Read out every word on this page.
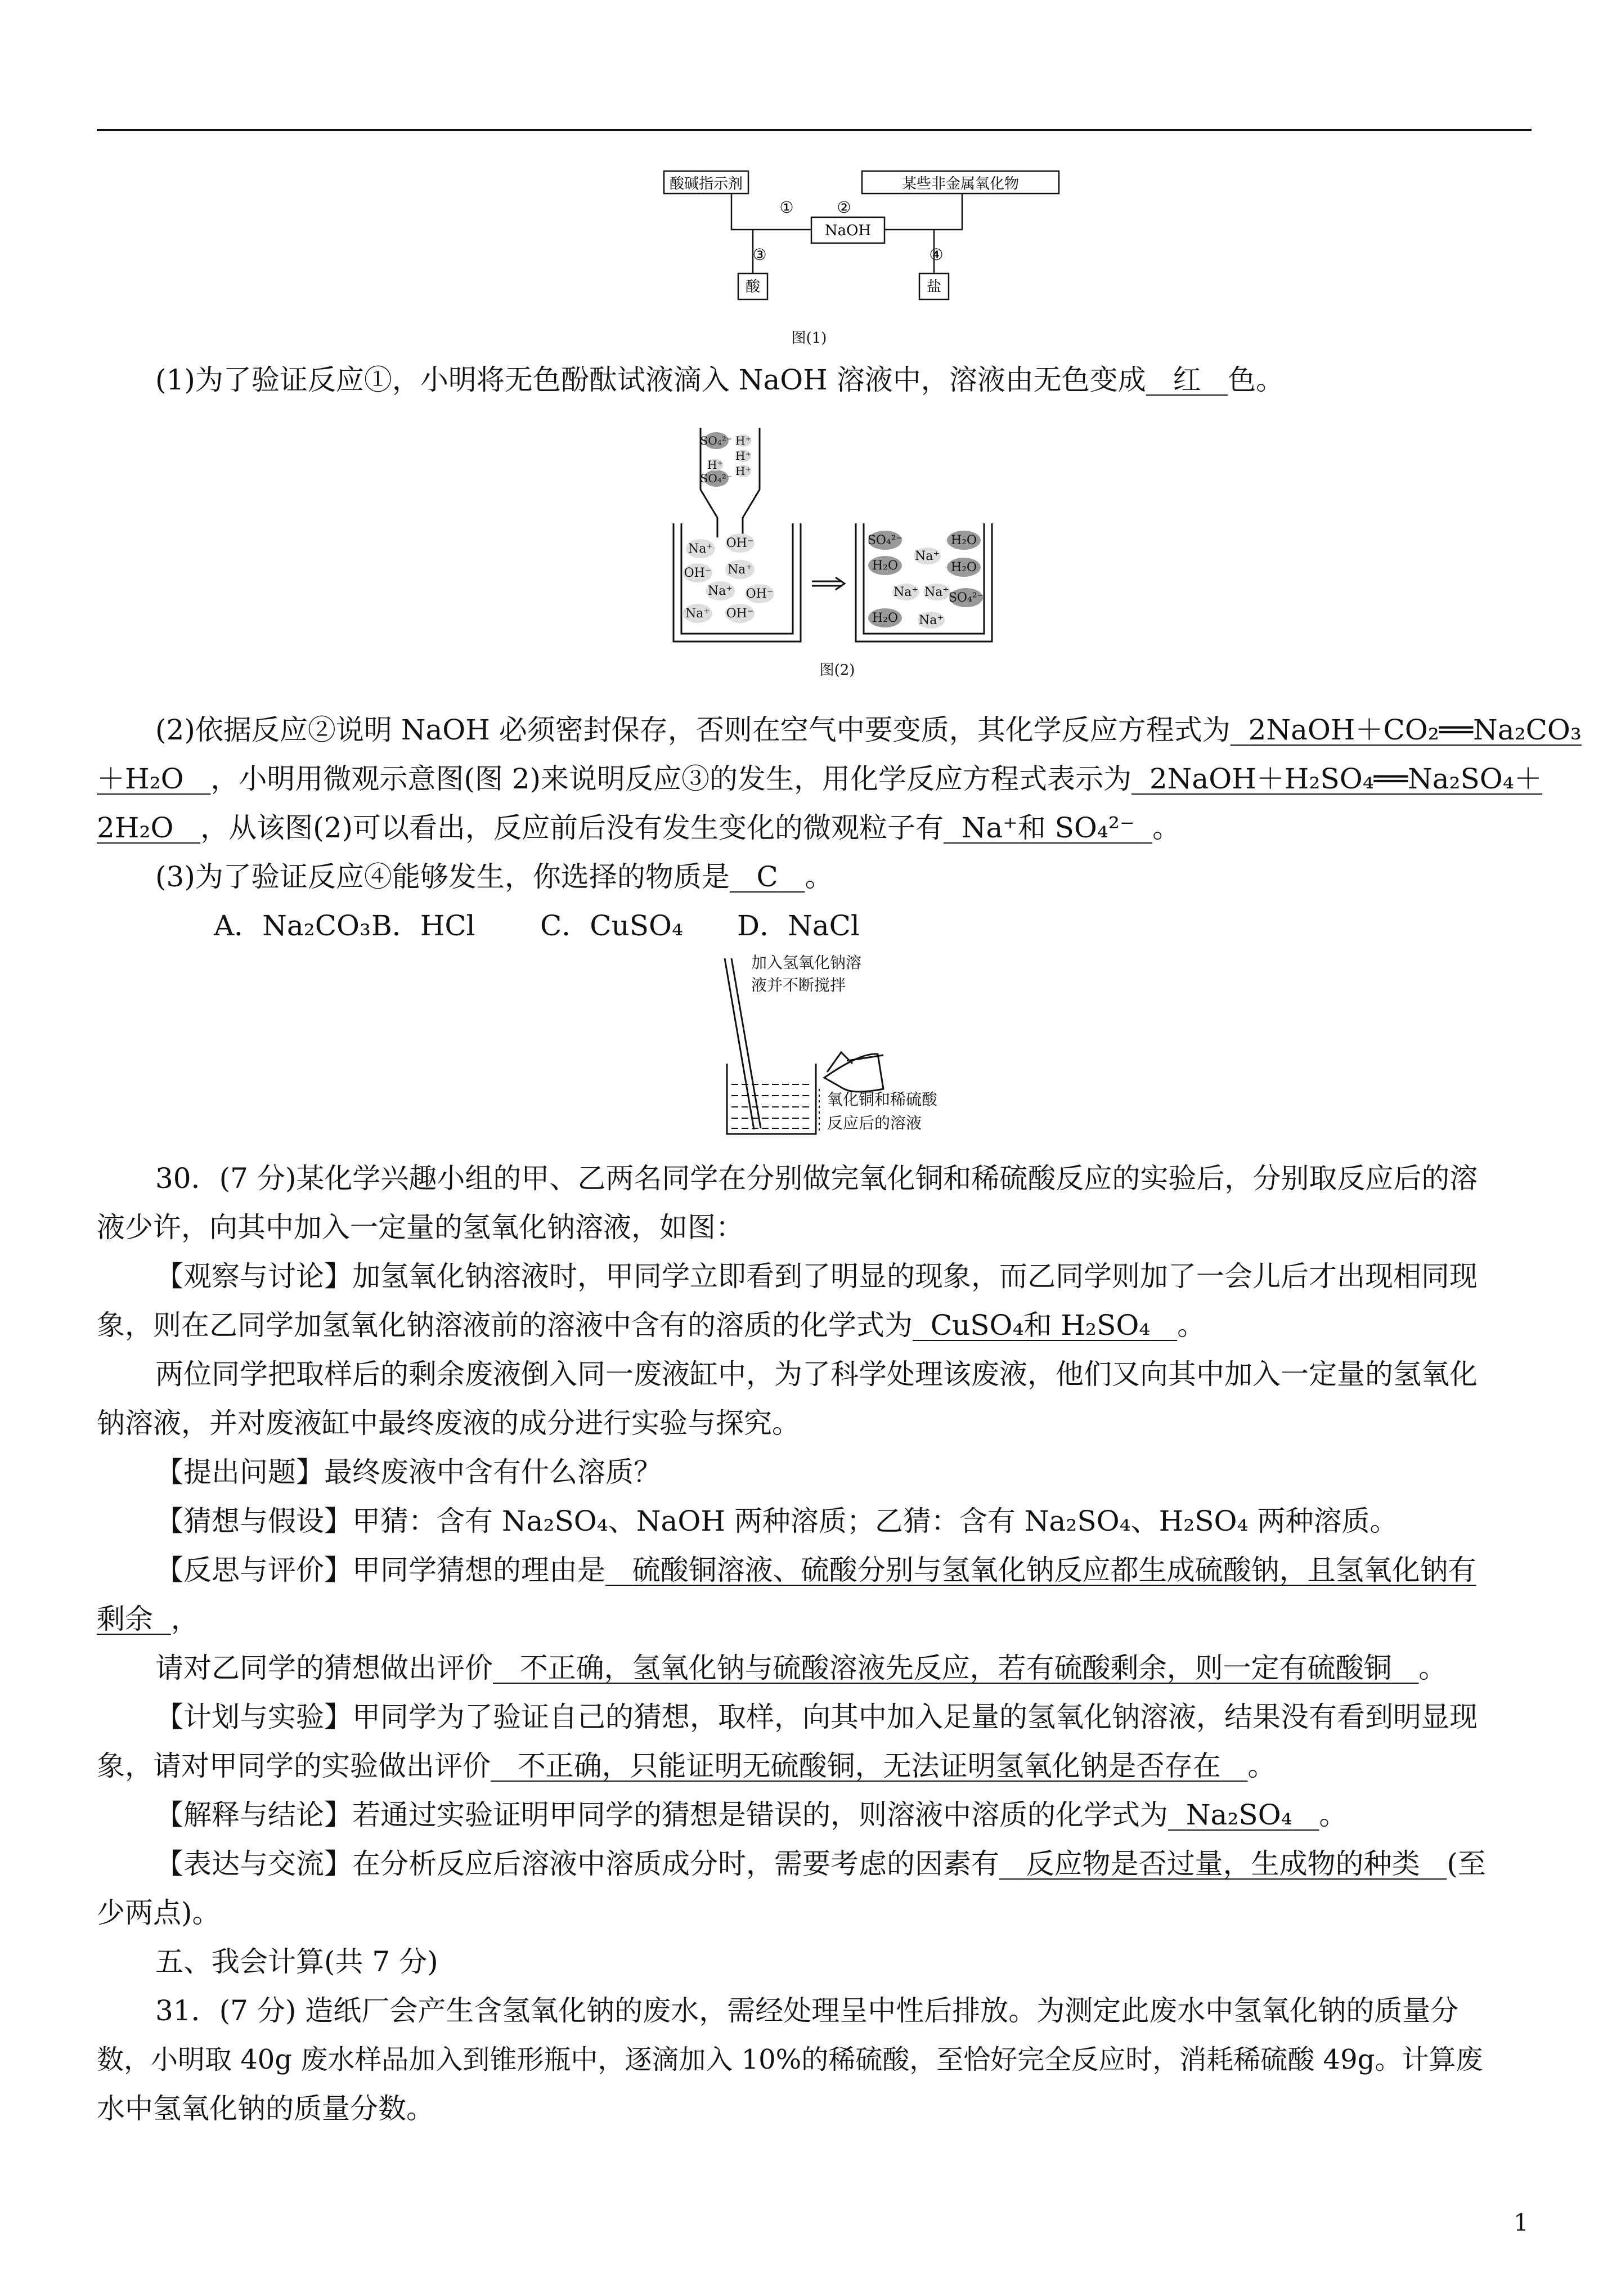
酸碱指示剂	某些非金属氧化物
NaOH
酸	盐
①	②
③	④
图(1)
(1)为了验证反应①，小明将无色酚酞试液滴入 NaOH 溶液中，溶液由无色变成 红 色。
SO₄²⁻ H⁺
H⁺
H⁺ H⁺
SO₄²⁻
Na⁺ OH⁻
OH⁻ Na⁺
Na⁺ OH⁻
Na⁺ OH⁻
SO₄²⁻
H₂O
Na⁺
H₂O
H₂O
Na⁺ Na⁺
SO₄²⁻
H₂O Na⁺
图(2)
(2)依据反应②说明 NaOH 必须密封保存，否则在空气中要变质，其化学反应方程式为 2NaOH＋CO₂══Na₂CO₃
＋H₂O ，小明用微观示意图(图 2)来说明反应③的发生，用化学反应方程式表示为 2NaOH＋H₂SO₄══Na₂SO₄＋
2H₂O ，从该图(2)可以看出，反应前后没有发生变化的微观粒子有 Na⁺和 SO₄²⁻ 。
(3)为了验证反应④能够发生，你选择的物质是 C 。
A．Na₂CO₃B．HCl C．CuSO₄ D．NaCl
加入氢氧化钠溶
液并不断搅拌
氧化铜和稀硫酸
反应后的溶液
30．(7 分)某化学兴趣小组的甲、乙两名同学在分别做完氧化铜和稀硫酸反应的实验后，分别取反应后的溶
液少许，向其中加入一定量的氢氧化钠溶液，如图：
【观察与讨论】加氢氧化钠溶液时，甲同学立即看到了明显的现象，而乙同学则加了一会儿后才出现相同现
象，则在乙同学加氢氧化钠溶液前的溶液中含有的溶质的化学式为 CuSO₄和 H₂SO₄ 。
两位同学把取样后的剩余废液倒入同一废液缸中，为了科学处理该废液，他们又向其中加入一定量的氢氧化
钠溶液，并对废液缸中最终废液的成分进行实验与探究。
【提出问题】最终废液中含有什么溶质？
【猜想与假设】甲猜：含有 Na₂SO₄、NaOH 两种溶质；乙猜：含有 Na₂SO₄、H₂SO₄ 两种溶质。
【反思与评价】甲同学猜想的理由是 硫酸铜溶液、硫酸分别与氢氧化钠反应都生成硫酸钠，且氢氧化钠有
剩余 ，
请对乙同学的猜想做出评价 不正确，氢氧化钠与硫酸溶液先反应，若有硫酸剩余，则一定有硫酸铜 。
【计划与实验】甲同学为了验证自己的猜想，取样，向其中加入足量的氢氧化钠溶液，结果没有看到明显现
象，请对甲同学的实验做出评价 不正确，只能证明无硫酸铜，无法证明氢氧化钠是否存在 。
【解释与结论】若通过实验证明甲同学的猜想是错误的，则溶液中溶质的化学式为 Na₂SO₄ 。
【表达与交流】在分析反应后溶液中溶质成分时，需要考虑的因素有 反应物是否过量，生成物的种类 (至
少两点)。
五、我会计算(共 7 分)
31．(7 分) 造纸厂会产生含氢氧化钠的废水，需经处理呈中性后排放。为测定此废水中氢氧化钠的质量分
数，小明取 40g 废水样品加入到锥形瓶中，逐滴加入 10%的稀硫酸，至恰好完全反应时，消耗稀硫酸 49g。计算废
水中氢氧化钠的质量分数。
1
